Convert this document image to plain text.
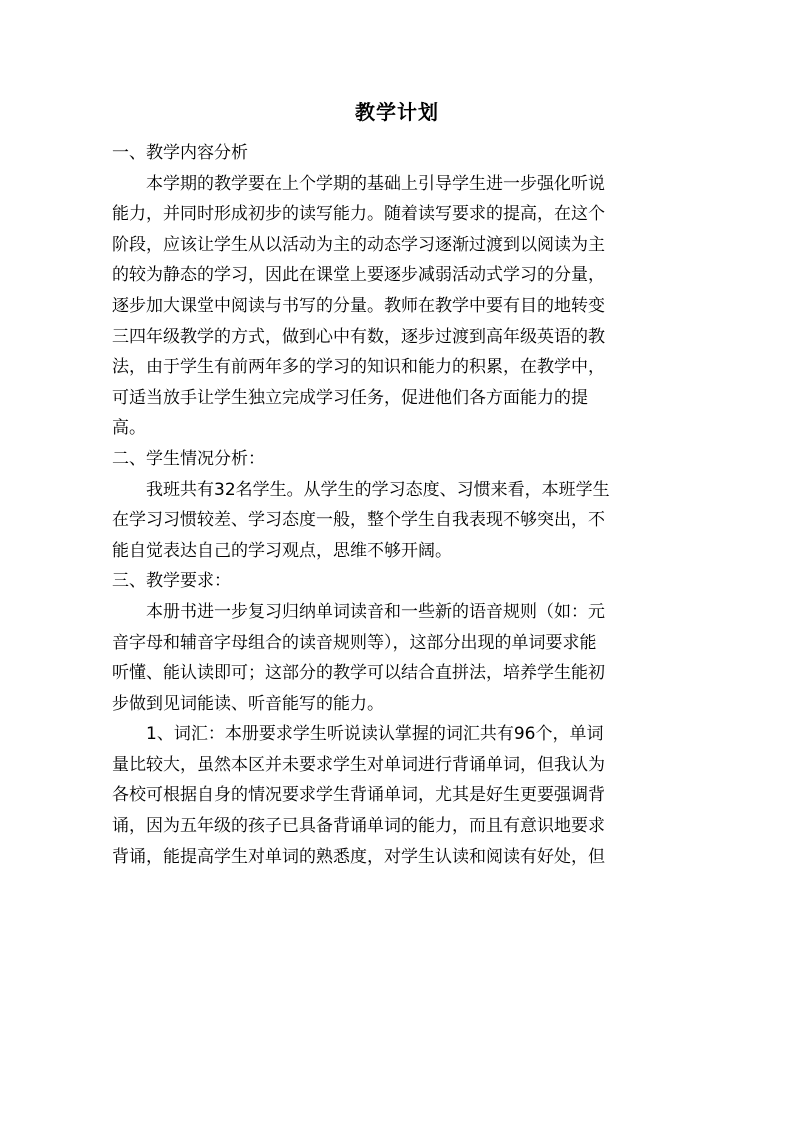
教学计划
一、教学内容分析
本学期的教学要在上个学期的基础上引导学生进一步强化听说
能力，并同时形成初步的读写能力。随着读写要求的提高，在这个
阶段，应该让学生从以活动为主的动态学习逐渐过渡到以阅读为主
的较为静态的学习，因此在课堂上要逐步减弱活动式学习的分量，
逐步加大课堂中阅读与书写的分量。教师在教学中要有目的地转变
三四年级教学的方式，做到心中有数，逐步过渡到高年级英语的教
法，由于学生有前两年多的学习的知识和能力的积累，在教学中，
可适当放手让学生独立完成学习任务，促进他们各方面能力的提
高。
二、学生情况分析：
我班共有32名学生。从学生的学习态度、习惯来看，本班学生
在学习习惯较差、学习态度一般，整个学生自我表现不够突出，不
能自觉表达自己的学习观点，思维不够开阔。
三、教学要求：
本册书进一步复习归纳单词读音和一些新的语音规则（如：元
音字母和辅音字母组合的读音规则等），这部分出现的单词要求能
听懂、能认读即可；这部分的教学可以结合直拼法，培养学生能初
步做到见词能读、听音能写的能力。
1、词汇：本册要求学生听说读认掌握的词汇共有96个，单词
量比较大，虽然本区并未要求学生对单词进行背诵单词，但我认为
各校可根据自身的情况要求学生背诵单词，尤其是好生更要强调背
诵，因为五年级的孩子已具备背诵单词的能力，而且有意识地要求
背诵，能提高学生对单词的熟悉度，对学生认读和阅读有好处，但
